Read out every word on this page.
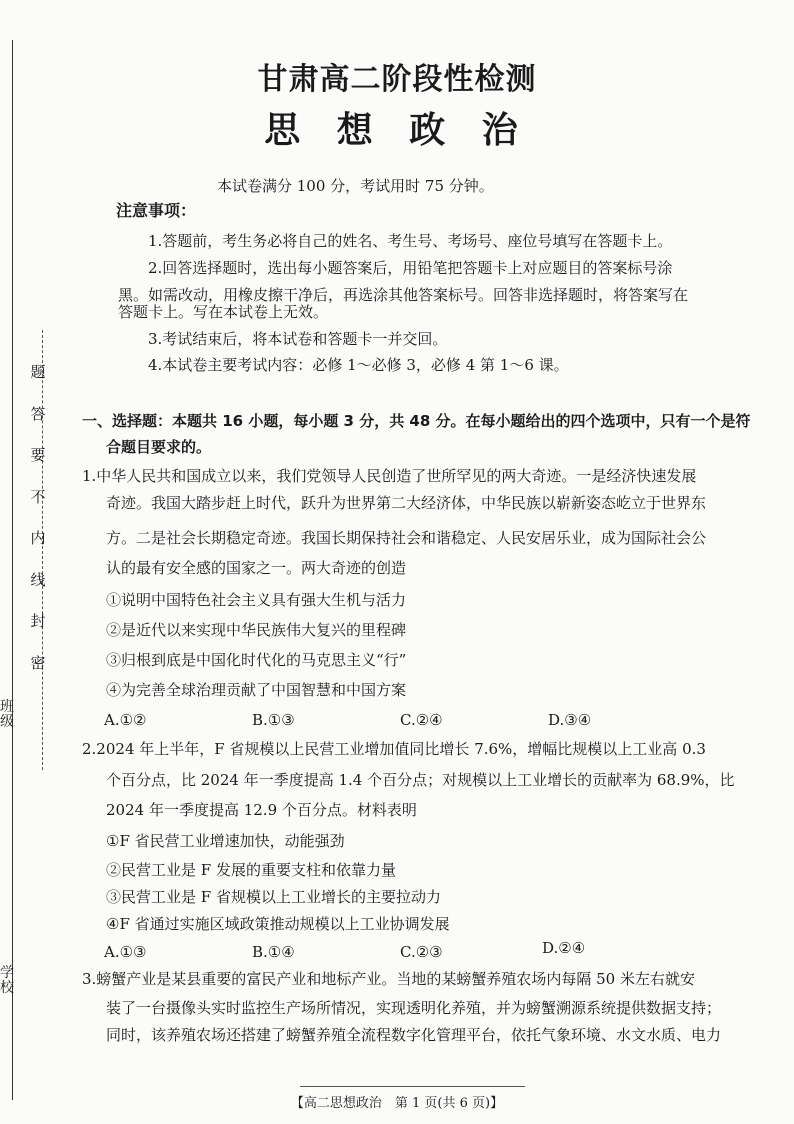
题
答
要
不
内
线
封
密
班级
学校
甘肃高二阶段性检测
思 想 政 治
本试卷满分 100 分，考试用时 75 分钟。
注意事项：
1.答题前，考生务必将自己的姓名、考生号、考场号、座位号填写在答题卡上。
2.回答选择题时，选出每小题答案后，用铅笔把答题卡上对应题目的答案标号涂
黑。如需改动，用橡皮擦干净后，再选涂其他答案标号。回答非选择题时，将答案写在
答题卡上。写在本试卷上无效。
3.考试结束后，将本试卷和答题卡一并交回。
4.本试卷主要考试内容：必修 1～必修 3，必修 4 第 1～6 课。
一、选择题：本题共 16 小题，每小题 3 分，共 48 分。在每小题给出的四个选项中，只有一个是符
合题目要求的。
1.中华人民共和国成立以来，我们党领导人民创造了世所罕见的两大奇迹。一是经济快速发展
奇迹。我国大踏步赶上时代，跃升为世界第二大经济体，中华民族以崭新姿态屹立于世界东
方。二是社会长期稳定奇迹。我国长期保持社会和谐稳定、人民安居乐业，成为国际社会公
认的最有安全感的国家之一。两大奇迹的创造
①说明中国特色社会主义具有强大生机与活力
②是近代以来实现中华民族伟大复兴的里程碑
③归根到底是中国化时代化的马克思主义“行”
④为完善全球治理贡献了中国智慧和中国方案
A.①②	B.①③	C.②④	D.③④
2.2024 年上半年，F 省规模以上民营工业增加值同比增长 7.6%，增幅比规模以上工业高 0.3
个百分点，比 2024 年一季度提高 1.4 个百分点；对规模以上工业增长的贡献率为 68.9%，比
2024 年一季度提高 12.9 个百分点。材料表明
①F 省民营工业增速加快，动能强劲
②民营工业是 F 发展的重要支柱和依靠力量
③民营工业是 F 省规模以上工业增长的主要拉动力
④F 省通过实施区域政策推动规模以上工业协调发展
A.①③	B.①④	C.②③	D.②④
3.螃蟹产业是某县重要的富民产业和地标产业。当地的某螃蟹养殖农场内每隔 50 米左右就安
装了一台摄像头实时监控生产场所情况，实现透明化养殖，并为螃蟹溯源系统提供数据支持；
同时，该养殖农场还搭建了螃蟹养殖全流程数字化管理平台，依托气象环境、水文水质、电力
【高二思想政治　第 1 页(共 6 页)】
